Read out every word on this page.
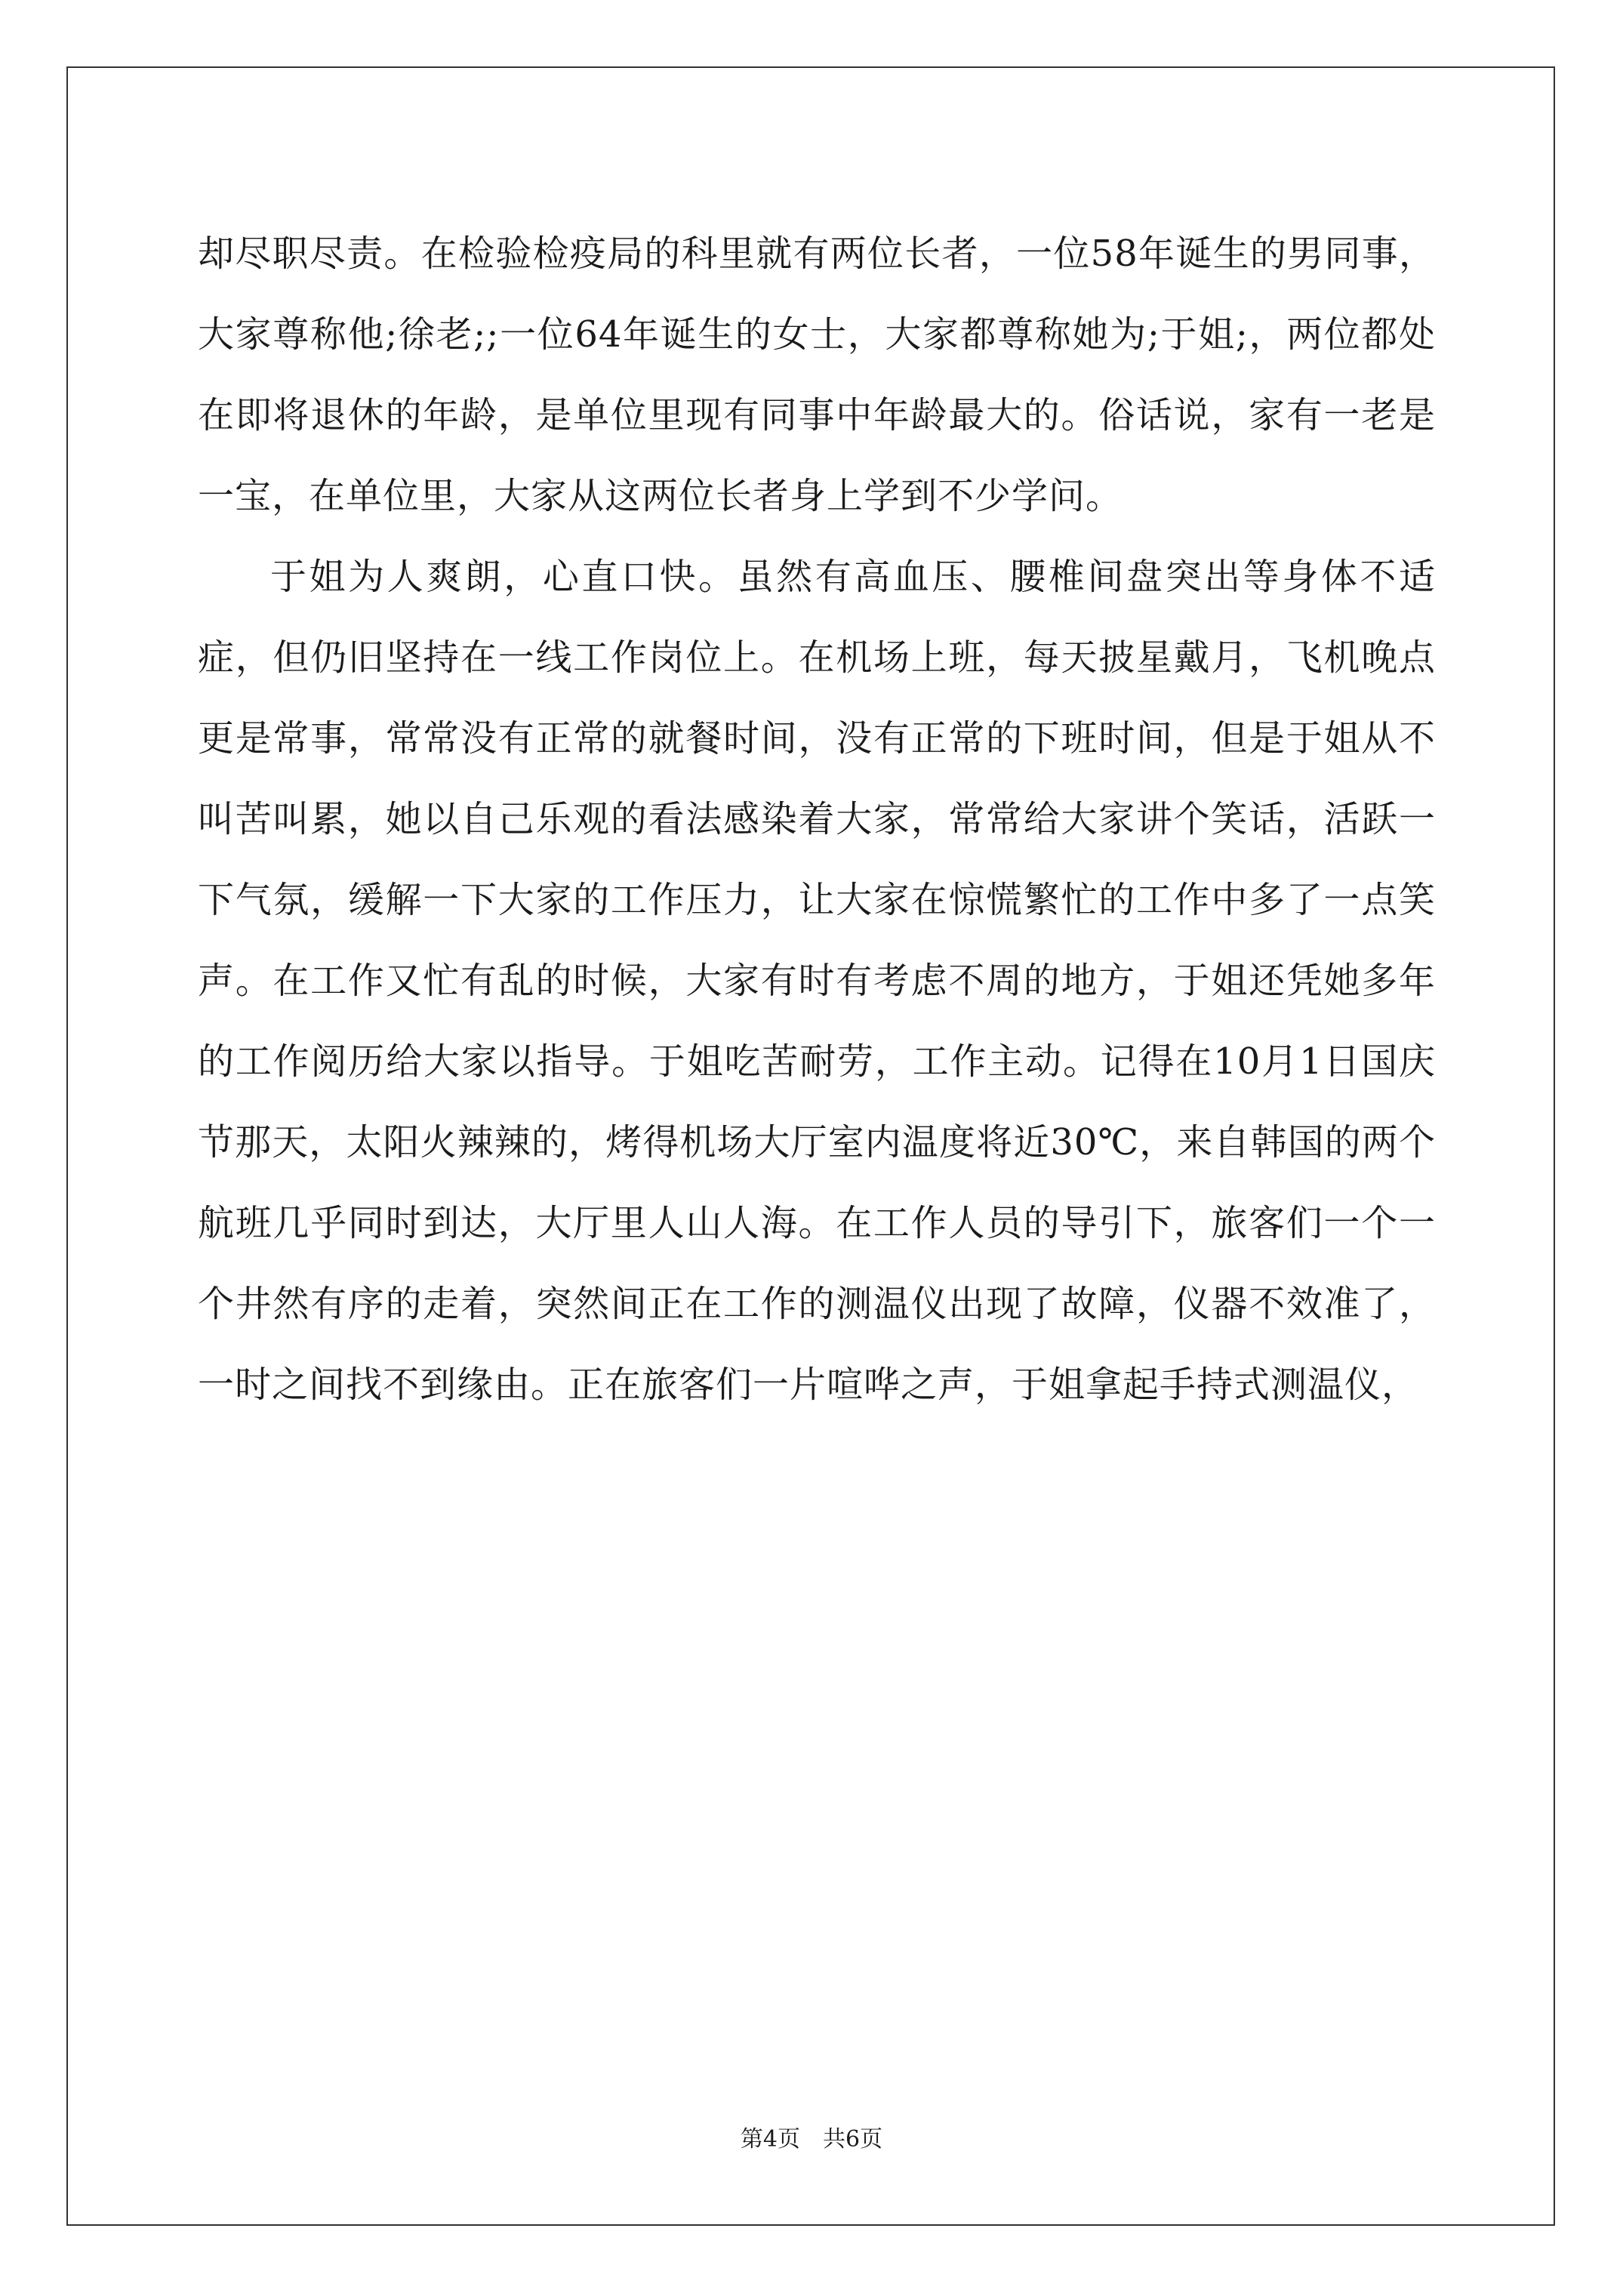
却尽职尽责。在检验检疫局的科里就有两位长者，一位58年诞生的男同事，大家尊称他;徐老;;一位64年诞生的女士，大家都尊称她为;于姐;，两位都处在即将退休的年龄，是单位里现有同事中年龄最大的。俗话说，家有一老是一宝，在单位里，大家从这两位长者身上学到不少学问。

于姐为人爽朗，心直口快。虽然有高血压、腰椎间盘突出等身体不适症，但仍旧坚持在一线工作岗位上。在机场上班，每天披星戴月，飞机晚点更是常事，常常没有正常的就餐时间，没有正常的下班时间，但是于姐从不叫苦叫累，她以自己乐观的看法感染着大家，常常给大家讲个笑话，活跃一下气氛，缓解一下大家的工作压力，让大家在惊慌繁忙的工作中多了一点笑声。在工作又忙有乱的时候，大家有时有考虑不周的地方，于姐还凭她多年的工作阅历给大家以指导。于姐吃苦耐劳，工作主动。记得在10月1日国庆节那天，太阳火辣辣的，烤得机场大厅室内温度将近30℃，来自韩国的两个航班几乎同时到达，大厅里人山人海。在工作人员的导引下，旅客们一个一个井然有序的走着，突然间正在工作的测温仪出现了故障，仪器不效准了，一时之间找不到缘由。正在旅客们一片喧哗之声，于姐拿起手持式测温仪，

第4页　共6页
